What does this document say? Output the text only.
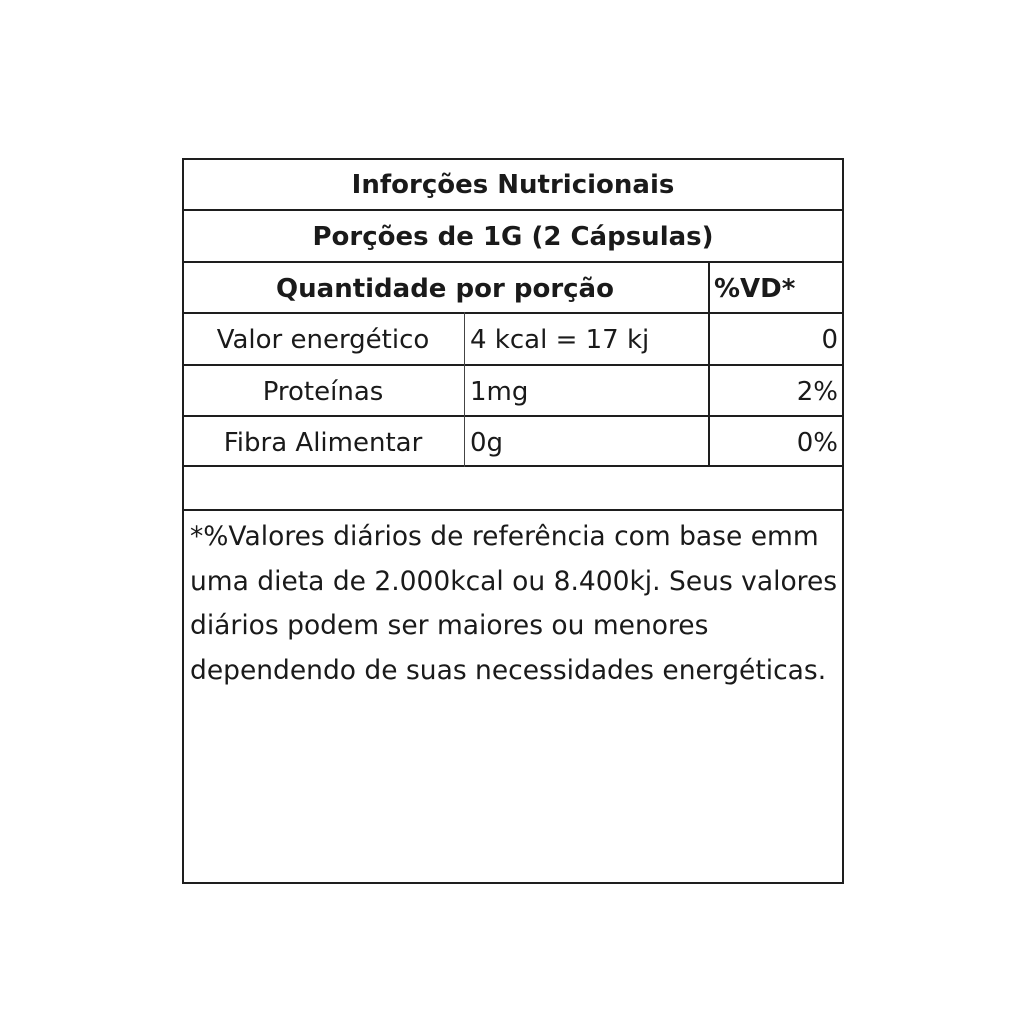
Inforções Nutricionais
Porções de 1G (2 Cápsulas)
Quantidade por porção	%VD*
Valor energético	4 kcal = 17 kj	0
Proteínas	1mg	2%
Fibra Alimentar	0g	0%
*%Valores diários de referência com base emm
uma dieta de 2.000kcal ou 8.400kj. Seus valores
diários podem ser maiores ou menores
dependendo de suas necessidades energéticas.
